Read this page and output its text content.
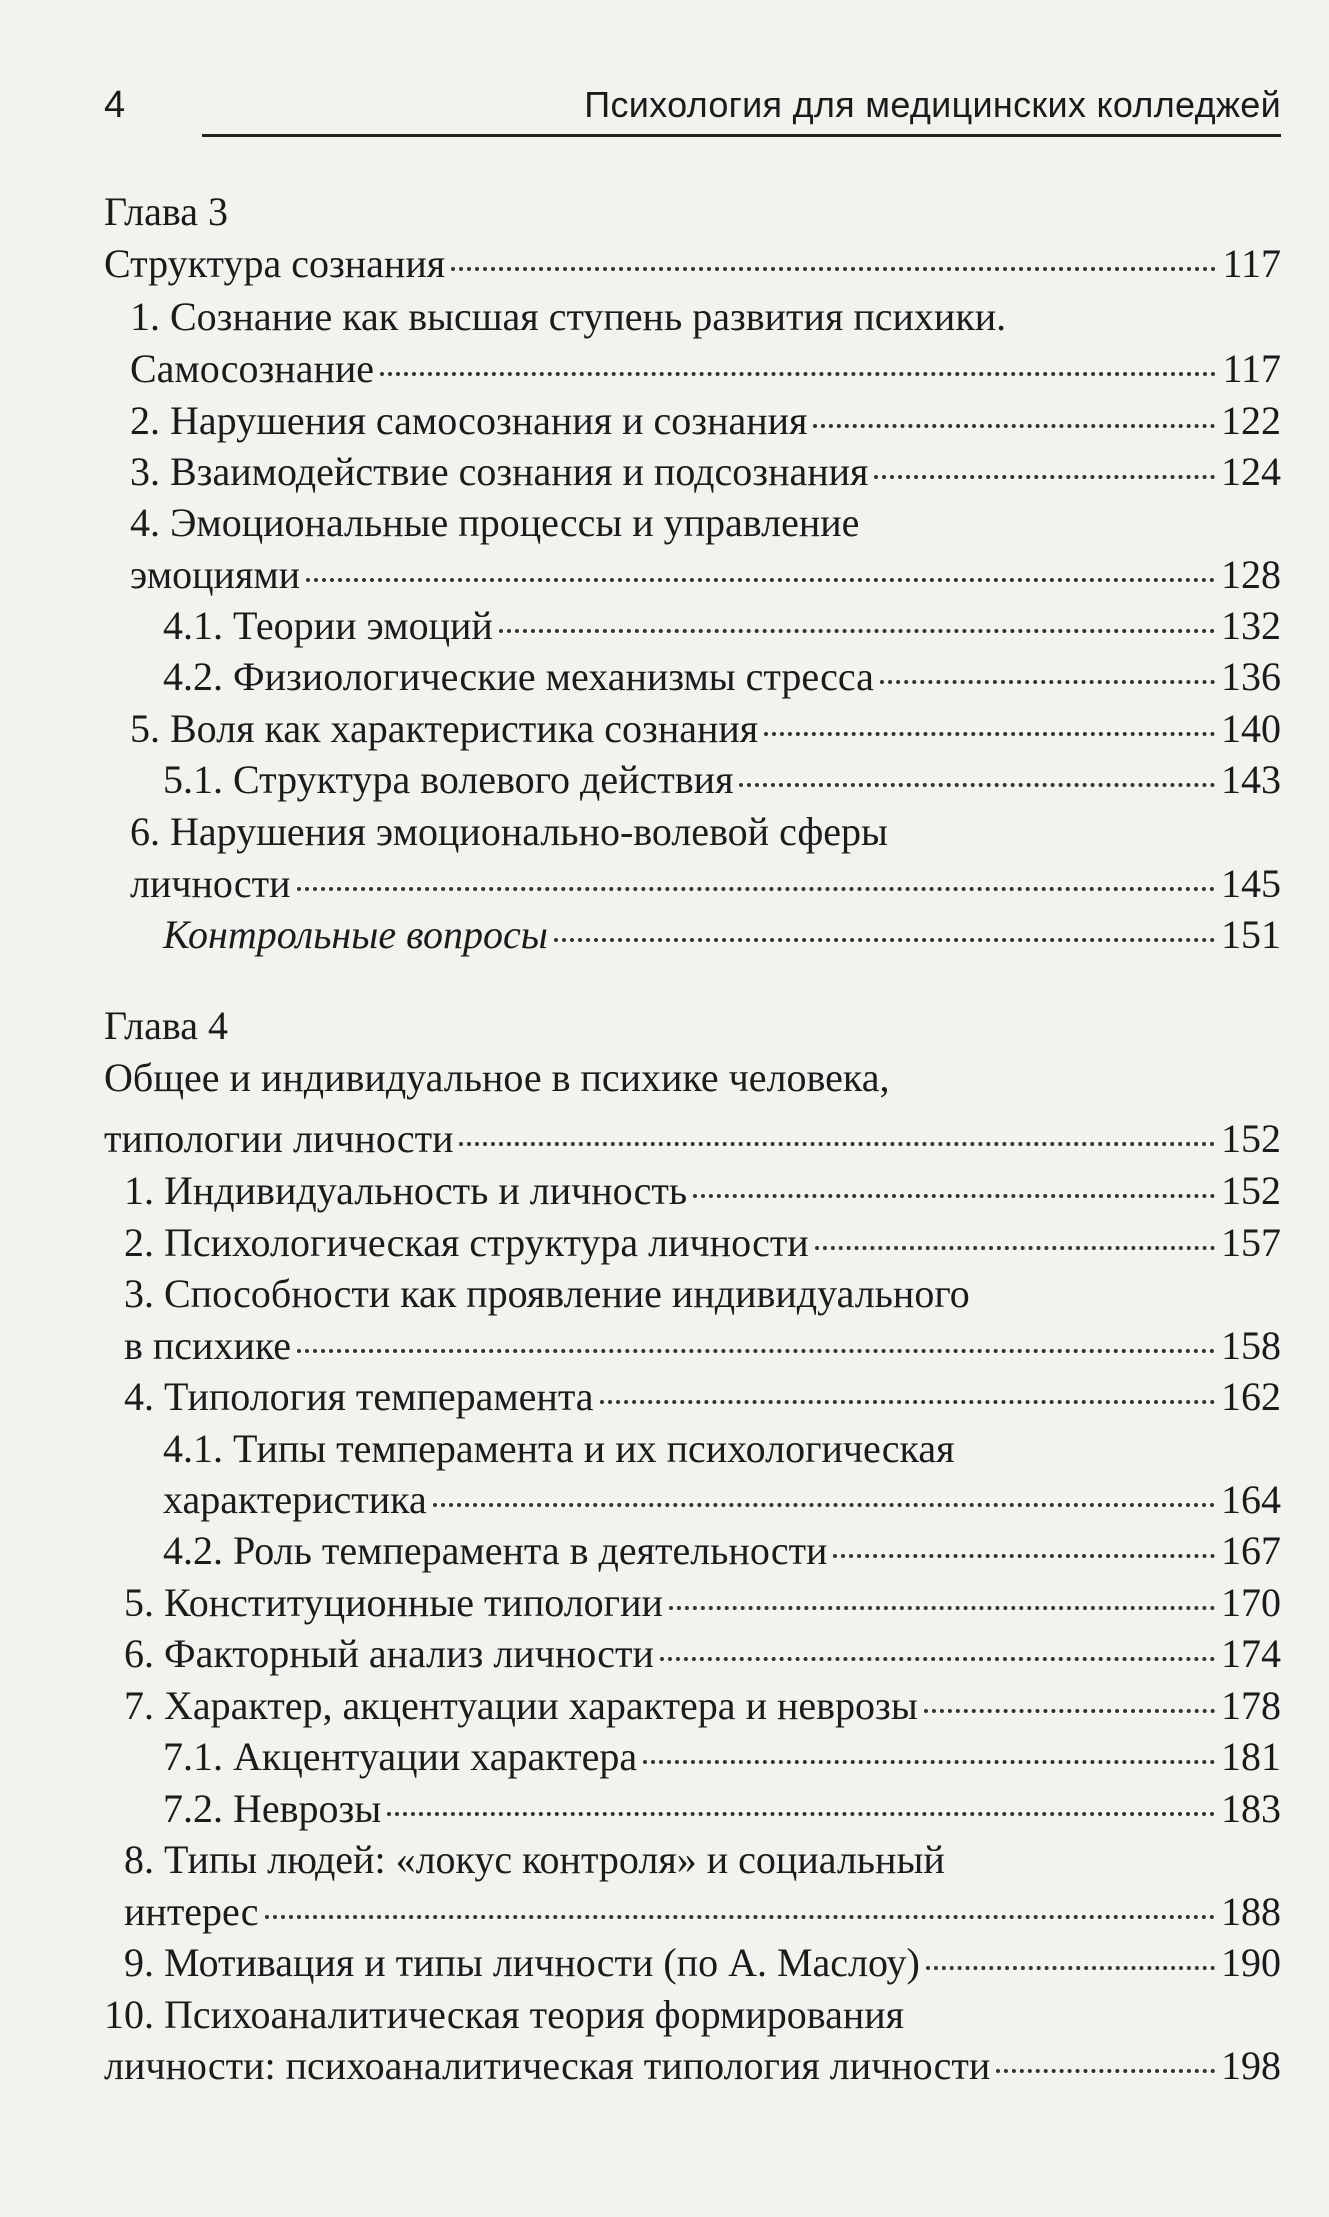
4	Психология для медицинских колледжей
Глава 3
Структура сознания	117
1. Сознание как высшая ступень развития психики.
Самосознание	117
2. Нарушения самосознания и сознания	122
3. Взаимодействие сознания и подсознания	124
4. Эмоциональные процессы и управление
эмоциями	128
4.1. Теории эмоций	132
4.2. Физиологические механизмы стресса	136
5. Воля как характеристика сознания	140
5.1. Структура волевого действия	143
6. Нарушения эмоционально-волевой сферы
личности	145
Контрольные вопросы	151
Глава 4
Общее и индивидуальное в психике человека,
типологии личности	152
1. Индивидуальность и личность	152
2. Психологическая структура личности	157
3. Способности как проявление индивидуального
в психике	158
4. Типология темперамента	162
4.1. Типы темперамента и их психологическая
характеристика	164
4.2. Роль темперамента в деятельности	167
5. Конституционные типологии	170
6. Факторный анализ личности	174
7. Характер, акцентуации характера и неврозы	178
7.1. Акцентуации характера	181
7.2. Неврозы	183
8. Типы людей: «локус контроля» и социальный
интерес	188
9. Мотивация и типы личности (по А. Маслоу)	190
10. Психоаналитическая теория формирования
личности: психоаналитическая типология личности	198
